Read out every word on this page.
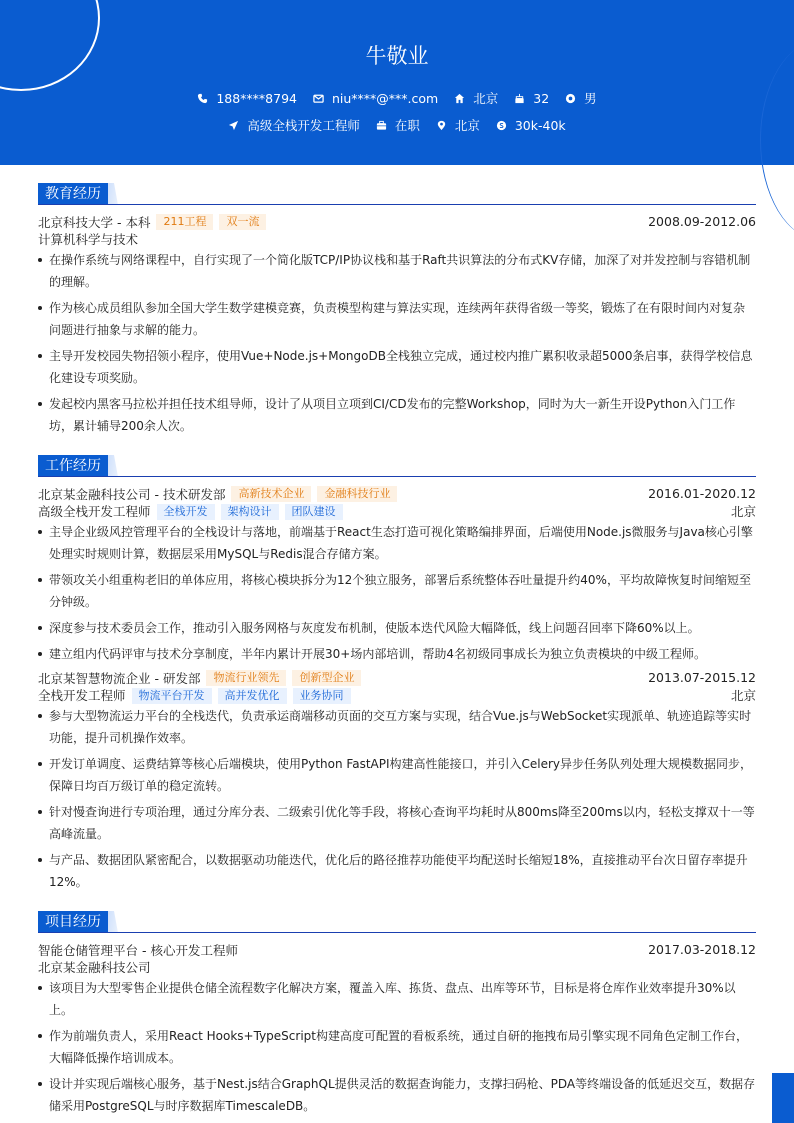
牛敬业
188****8794	niu****@***.com	北京	32	男
高级全栈开发工程师	在职	北京	30k-40k
教育经历
北京科技大学 - 本科	211工程	双一流	2008.09-2012.06
计算机科学与技术
在操作系统与网络课程中，自行实现了一个简化版TCP/IP协议栈和基于Raft共识算法的分布式KV存储，加深了对并发控制与容错机制的理解。
作为核心成员组队参加全国大学生数学建模竞赛，负责模型构建与算法实现，连续两年获得省级一等奖，锻炼了在有限时间内对复杂问题进行抽象与求解的能力。
主导开发校园失物招领小程序，使用Vue+Node.js+MongoDB全栈独立完成，通过校内推广累积收录超5000条启事，获得学校信息化建设专项奖励。
发起校内黑客马拉松并担任技术组导师，设计了从项目立项到CI/CD发布的完整Workshop，同时为大一新生开设Python入门工作坊，累计辅导200余人次。
工作经历
北京某金融科技公司 - 技术研发部	高新技术企业	金融科技行业	2016.01-2020.12
高级全栈开发工程师	全栈开发	架构设计	团队建设	北京
主导企业级风控管理平台的全栈设计与落地，前端基于React生态打造可视化策略编排界面，后端使用Node.js微服务与Java核心引擎处理实时规则计算，数据层采用MySQL与Redis混合存储方案。
带领攻关小组重构老旧的单体应用，将核心模块拆分为12个独立服务，部署后系统整体吞吐量提升约40%，平均故障恢复时间缩短至分钟级。
深度参与技术委员会工作，推动引入服务网格与灰度发布机制，使版本迭代风险大幅降低，线上问题召回率下降60%以上。
建立组内代码评审与技术分享制度，半年内累计开展30+场内部培训，帮助4名初级同事成长为独立负责模块的中级工程师。
北京某智慧物流企业 - 研发部	物流行业领先	创新型企业	2013.07-2015.12
全栈开发工程师	物流平台开发	高并发优化	业务协同	北京
参与大型物流运力平台的全栈迭代，负责承运商端移动页面的交互方案与实现，结合Vue.js与WebSocket实现派单、轨迹追踪等实时功能，提升司机操作效率。
开发订单调度、运费结算等核心后端模块，使用Python FastAPI构建高性能接口，并引入Celery异步任务队列处理大规模数据同步，保障日均百万级订单的稳定流转。
针对慢查询进行专项治理，通过分库分表、二级索引优化等手段，将核心查询平均耗时从800ms降至200ms以内，轻松支撑双十一等高峰流量。
与产品、数据团队紧密配合，以数据驱动功能迭代，优化后的路径推荐功能使平均配送时长缩短18%，直接推动平台次日留存率提升12%。
项目经历
智能仓储管理平台 - 核心开发工程师	2017.03-2018.12
北京某金融科技公司
该项目为大型零售企业提供仓储全流程数字化解决方案，覆盖入库、拣货、盘点、出库等环节，目标是将仓库作业效率提升30%以上。
作为前端负责人，采用React Hooks+TypeScript构建高度可配置的看板系统，通过自研的拖拽布局引擎实现不同角色定制工作台，大幅降低操作培训成本。
设计并实现后端核心服务，基于Nest.js结合GraphQL提供灵活的数据查询能力，支撑扫码枪、PDA等终端设备的低延迟交互，数据存储采用PostgreSQL与时序数据库TimescaleDB。
